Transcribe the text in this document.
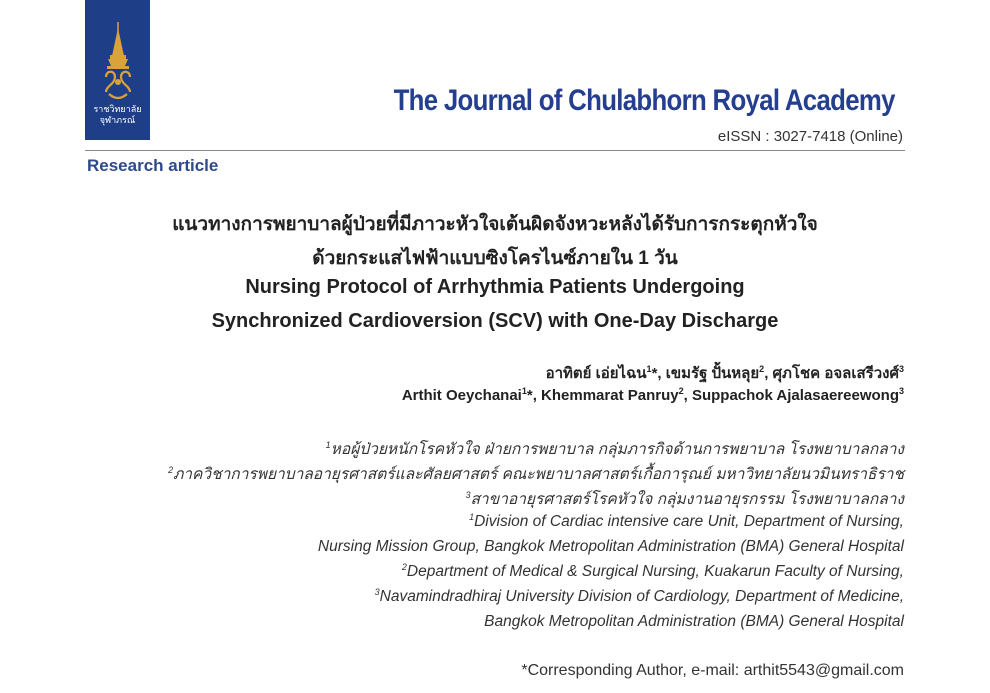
ราชวิทยาลัย
จุฬาภรณ์
The Journal of Chulabhorn Royal Academy
eISSN : 3027-7418 (Online)
Research article
แนวทางการพยาบาลผู้ป่วยที่มีภาวะหัวใจเต้นผิดจังหวะหลังได้รับการกระตุกหัวใจ
ด้วยกระแสไฟฟ้าแบบซิงโครไนซ์ภายใน 1 วัน
Nursing Protocol of Arrhythmia Patients Undergoing
Synchronized Cardioversion (SCV) with One-Day Discharge
อาทิตย์ เอ่ยไฉน$^1$*, เขมรัฐ ปั้นหลุย$^2$, ศุภโชค อจลเสรีวงศ์$^3$
Arthit Oeychanai$^1$*, Khemmarat Panruy$^2$, Suppachok Ajalasaereewong$^3$
$^1$หอผู้ป่วยหนักโรคหัวใจ ฝ่ายการพยาบาล กลุ่มภารกิจด้านการพยาบาล โรงพยาบาลกลาง
$^2$ภาควิชาการพยาบาลอายุรศาสตร์และศัลยศาสตร์ คณะพยาบาลศาสตร์เกื้อการุณย์ มหาวิทยาลัยนวมินทราธิราช
$^3$สาขาอายุรศาสตร์โรคหัวใจ กลุ่มงานอายุรกรรม โรงพยาบาลกลาง
$^1$Division of Cardiac intensive care Unit, Department of Nursing,
Nursing Mission Group, Bangkok Metropolitan Administration (BMA) General Hospital
$^2$Department of Medical & Surgical Nursing, Kuakarun Faculty of Nursing,
$^3$Navamindradhiraj University Division of Cardiology, Department of Medicine,
Bangkok Metropolitan Administration (BMA) General Hospital
*Corresponding Author, e-mail: arthit5543@gmail.com
